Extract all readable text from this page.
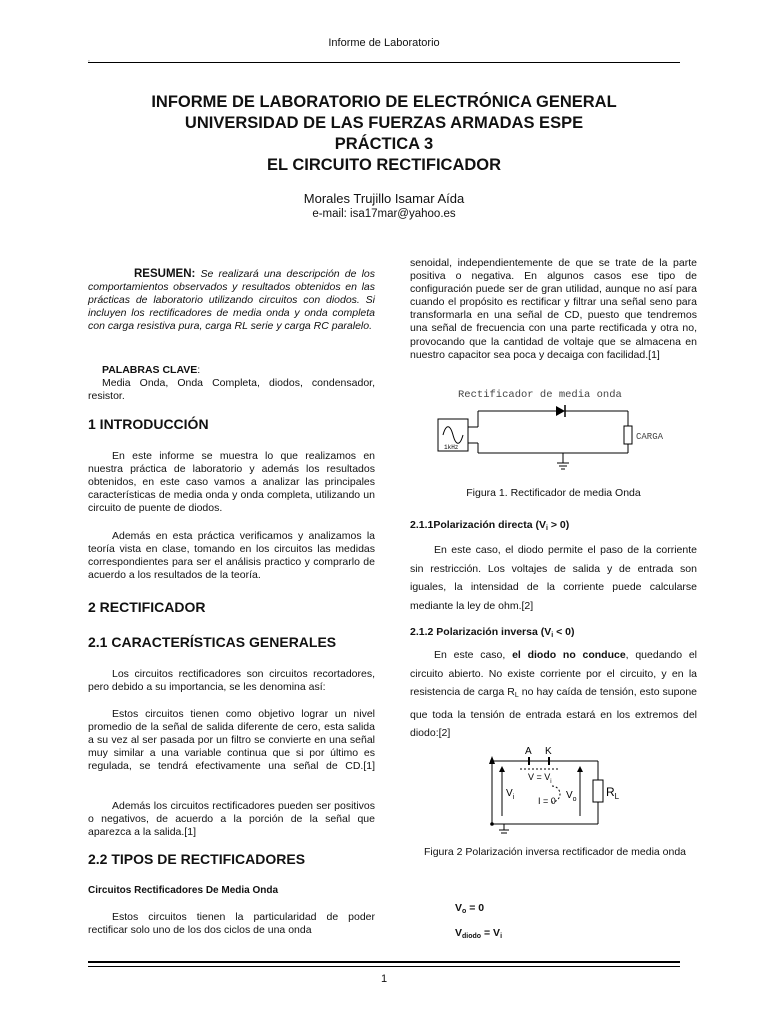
Informe de Laboratorio
¸
INFORME DE LABORATORIO DE ELECTRÓNICA GENERAL
UNIVERSIDAD DE LAS FUERZAS ARMADAS ESPE
PRÁCTICA 3
EL CIRCUITO RECTIFICADOR
Morales Trujillo Isamar Aída
e-mail: isa17mar@yahoo.es

RESUMEN: Se realizará una descripción de los comportamientos observados y resultados obtenidos en las prácticas de laboratorio utilizando circuitos con diodos. Si incluyen los rectificadores de media onda y onda completa con carga resistiva pura, carga RL serie y carga RC paralelo.

PALABRAS CLAVE:

Media Onda, Onda Completa, diodos, condensador, resistor.

1 INTRODUCCIÓN

En este informe se muestra lo que realizamos en nuestra práctica de laboratorio y además los resultados obtenidos, en este caso vamos a analizar las principales características de media onda y onda completa, utilizando un circuito de puente de diodos.

Además en esta práctica verificamos y analizamos la teoría vista en clase, tomando en los circuitos las medidas correspondientes para ser el análisis practico y comprarlo de acuerdo a los resultados de la teoría.

2 RECTIFICADOR
2.1 CARACTERÍSTICAS GENERALES

Los circuitos rectificadores son circuitos recortadores, pero debido a su importancia, se les denomina así:

Estos circuitos tienen como objetivo lograr un nivel promedio de la señal de salida diferente de cero, esta salida a su vez al ser pasada por un filtro se convierte en una señal muy similar a una variable continua que si por último es regulada, se tendrá efectivamente una señal de CD.[1]

Además los circuitos rectificadores pueden ser positivos o negativos, de acuerdo a la porción de la señal que aparezca a la salida.[1]

2.2 TIPOS DE RECTIFICADORES
Circuitos Rectificadores De Media Onda

Estos circuitos tienen la particularidad de poder rectificar solo uno de los dos ciclos de una onda

senoidal, independientemente de que se trate de la parte positiva o negativa. En algunos casos ese tipo de configuración puede ser de gran utilidad, aunque no así para cuando el propósito es rectificar y filtrar una señal seno para transformarla en una señal de CD, puesto que tendremos una señal de frecuencia con una parte rectificada y otra no, provocando que la cantidad de voltaje que se almacena en nuestro capacitor sea poca y decaiga con facilidad.[1]

Rectificador de media onda
1kHz
CARGA
Figura 1. Rectificador de media Onda
2.1.1Polarización directa $(V_i > 0)$

En este caso, el diodo permite el paso de la corriente sin restricción. Los voltajes de salida y de entrada son iguales, la intensidad de la corriente puede calcularse mediante la ley de ohm.[2]

2.1.2 Polarización inversa $(V_i < 0)$

En este caso, el diodo no conduce, quedando el circuito abierto. No existe corriente por el circuito, y en la resistencia de carga $R_L$ no hay caída de tensión, esto supone que toda la tensión de entrada estará en los extremos del diodo:[2]

A K
$V = V_i$
$V_i$	I = 0 $V_o$
$R_L$
Figura 2 Polarización inversa rectificador de media onda
$V_o = 0$
$V_{diodo} = V_i$
1
